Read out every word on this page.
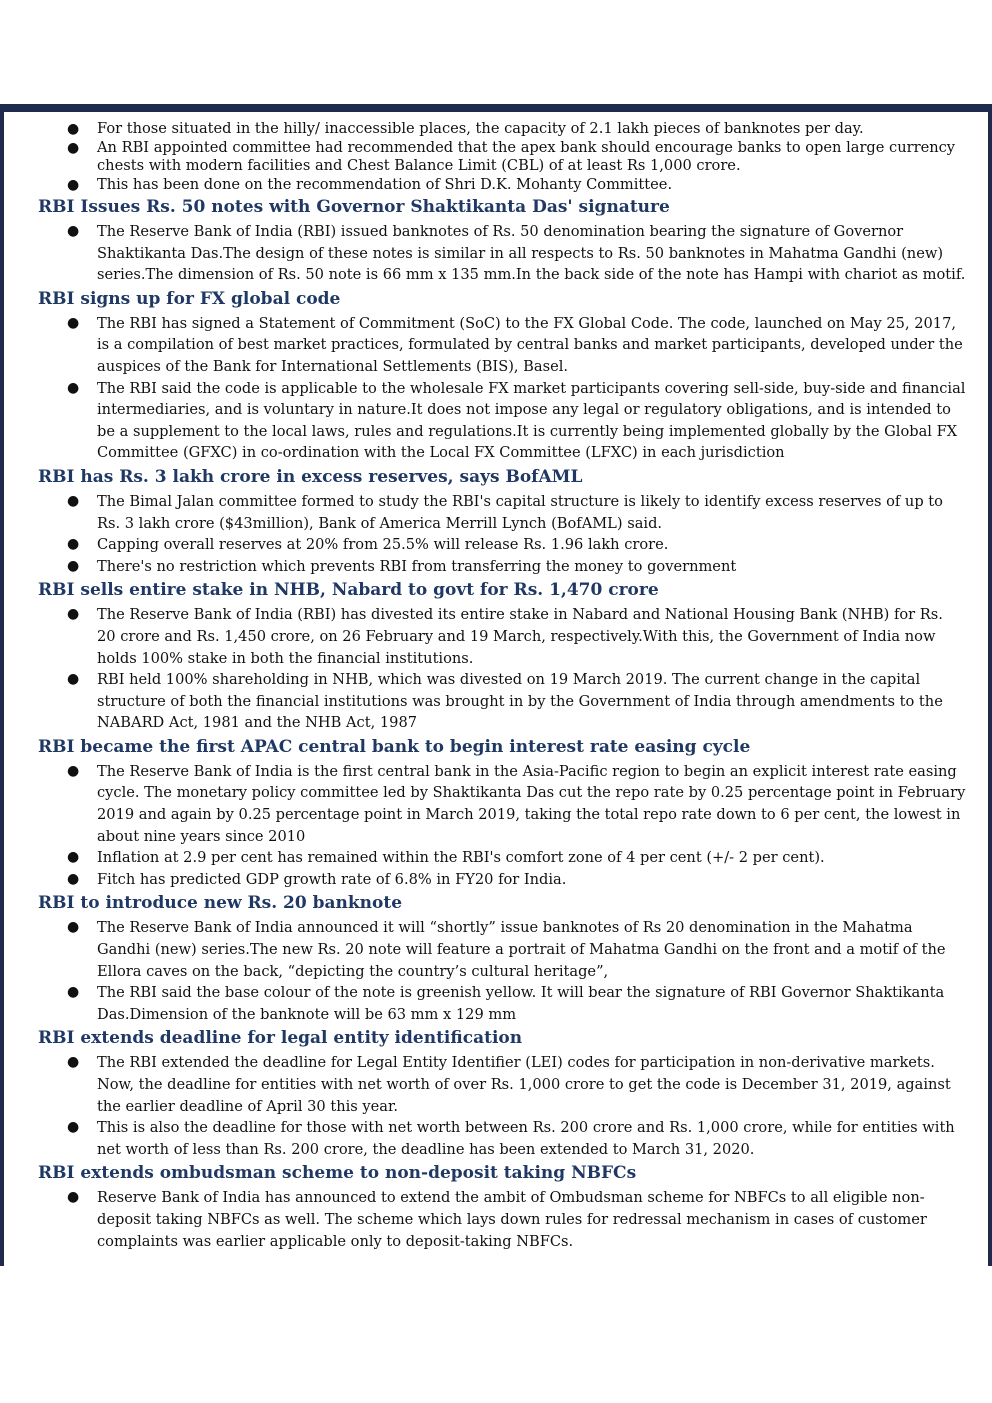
● For those situated in the hilly/ inaccessible places, the capacity of 2.1 lakh pieces of banknotes per day.
● An RBI appointed committee had recommended that the apex bank should encourage banks to open large currency chests with modern facilities and Chest Balance Limit (CBL) of at least Rs 1,000 crore.
● This has been done on the recommendation of Shri D.K. Mohanty Committee.
RBI Issues Rs. 50 notes with Governor Shaktikanta Das' signature
● The Reserve Bank of India (RBI) issued banknotes of Rs. 50 denomination bearing the signature of Governor Shaktikanta Das.The design of these notes is similar in all respects to Rs. 50 banknotes in Mahatma Gandhi (new) series.The dimension of Rs. 50 note is 66 mm x 135 mm.In the back side of the note has Hampi with chariot as motif.
RBI signs up for FX global code
● The RBI has signed a Statement of Commitment (SoC) to the FX Global Code. The code, launched on May 25, 2017, is a compilation of best market practices, formulated by central banks and market participants, developed under the auspices of the Bank for International Settlements (BIS), Basel.
● The RBI said the code is applicable to the wholesale FX market participants covering sell-side, buy-side and financial intermediaries, and is voluntary in nature.It does not impose any legal or regulatory obligations, and is intended to be a supplement to the local laws, rules and regulations.It is currently being implemented globally by the Global FX Committee (GFXC) in co-ordination with the Local FX Committee (LFXC) in each jurisdiction
RBI has Rs. 3 lakh crore in excess reserves, says BofAML
● The Bimal Jalan committee formed to study the RBI's capital structure is likely to identify excess reserves of up to Rs. 3 lakh crore ($43million), Bank of America Merrill Lynch (BofAML) said.
● Capping overall reserves at 20% from 25.5% will release Rs. 1.96 lakh crore.
● There's no restriction which prevents RBI from transferring the money to government
RBI sells entire stake in NHB, Nabard to govt for Rs. 1,470 crore
● The Reserve Bank of India (RBI) has divested its entire stake in Nabard and National Housing Bank (NHB) for Rs. 20 crore and Rs. 1,450 crore, on 26 February and 19 March, respectively.With this, the Government of India now holds 100% stake in both the financial institutions.
● RBI held 100% shareholding in NHB, which was divested on 19 March 2019. The current change in the capital structure of both the financial institutions was brought in by the Government of India through amendments to the NABARD Act, 1981 and the NHB Act, 1987
RBI became the first APAC central bank to begin interest rate easing cycle
● The Reserve Bank of India is the first central bank in the Asia-Pacific region to begin an explicit interest rate easing cycle. The monetary policy committee led by Shaktikanta Das cut the repo rate by 0.25 percentage point in February 2019 and again by 0.25 percentage point in March 2019, taking the total repo rate down to 6 per cent, the lowest in about nine years since 2010
● Inflation at 2.9 per cent has remained within the RBI's comfort zone of 4 per cent (+/- 2 per cent).
● Fitch has predicted GDP growth rate of 6.8% in FY20 for India.
RBI to introduce new Rs. 20 banknote
● The Reserve Bank of India announced it will “shortly” issue banknotes of Rs 20 denomination in the Mahatma Gandhi (new) series.The new Rs. 20 note will feature a portrait of Mahatma Gandhi on the front and a motif of the Ellora caves on the back, “depicting the country’s cultural heritage”,
● The RBI said the base colour of the note is greenish yellow. It will bear the signature of RBI Governor Shaktikanta Das.Dimension of the banknote will be 63 mm x 129 mm
RBI extends deadline for legal entity identification
● The RBI extended the deadline for Legal Entity Identifier (LEI) codes for participation in non-derivative markets. Now, the deadline for entities with net worth of over Rs. 1,000 crore to get the code is December 31, 2019, against the earlier deadline of April 30 this year.
● This is also the deadline for those with net worth between Rs. 200 crore and Rs. 1,000 crore, while for entities with net worth of less than Rs. 200 crore, the deadline has been extended to March 31, 2020.
RBI extends ombudsman scheme to non-deposit taking NBFCs
● Reserve Bank of India has announced to extend the ambit of Ombudsman scheme for NBFCs to all eligible non-deposit taking NBFCs as well. The scheme which lays down rules for redressal mechanism in cases of customer complaints was earlier applicable only to deposit-taking NBFCs.
